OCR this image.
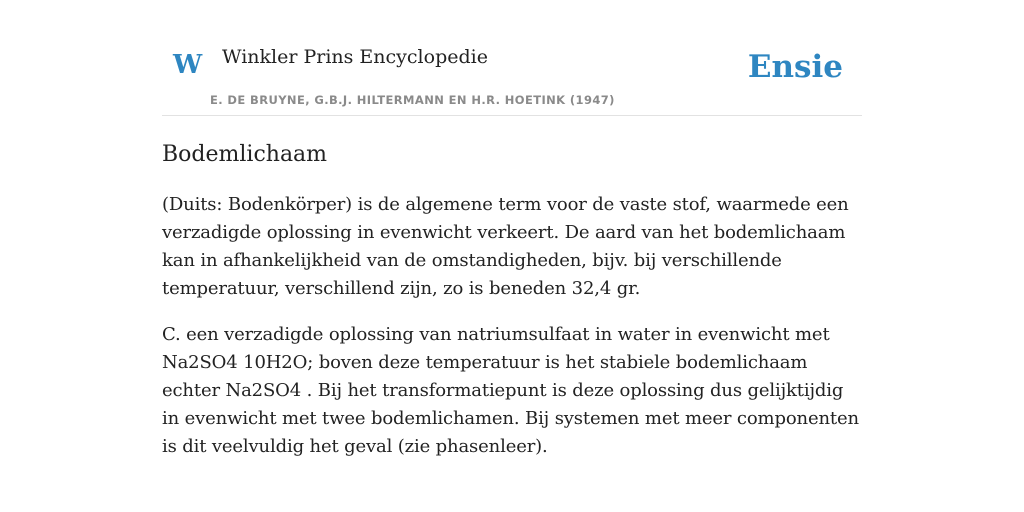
W Winkler Prins Encyclopedie
E. DE BRUYNE, G.B.J. HILTERMANN EN H.R. HOETINK (1947)
Ensie
Bodemlichaam

(Duits: Bodenkörper) is de algemene term voor de vaste stof, waarmede een verzadigde oplossing in evenwicht verkeert. De aard van het bodemlichaam kan in afhankelijkheid van de omstandigheden, bijv. bij verschillende temperatuur, verschillend zijn, zo is beneden 32,4 gr.

C. een verzadigde oplossing van natriumsulfaat in water in evenwicht met Na2SO4 10H2O; boven deze temperatuur is het stabiele bodemlichaam echter Na2SO4 . Bij het transformatiepunt is deze oplossing dus gelijktijdig in evenwicht met twee bodemlichamen. Bij systemen met meer componenten is dit veelvuldig het geval (zie phasenleer).
